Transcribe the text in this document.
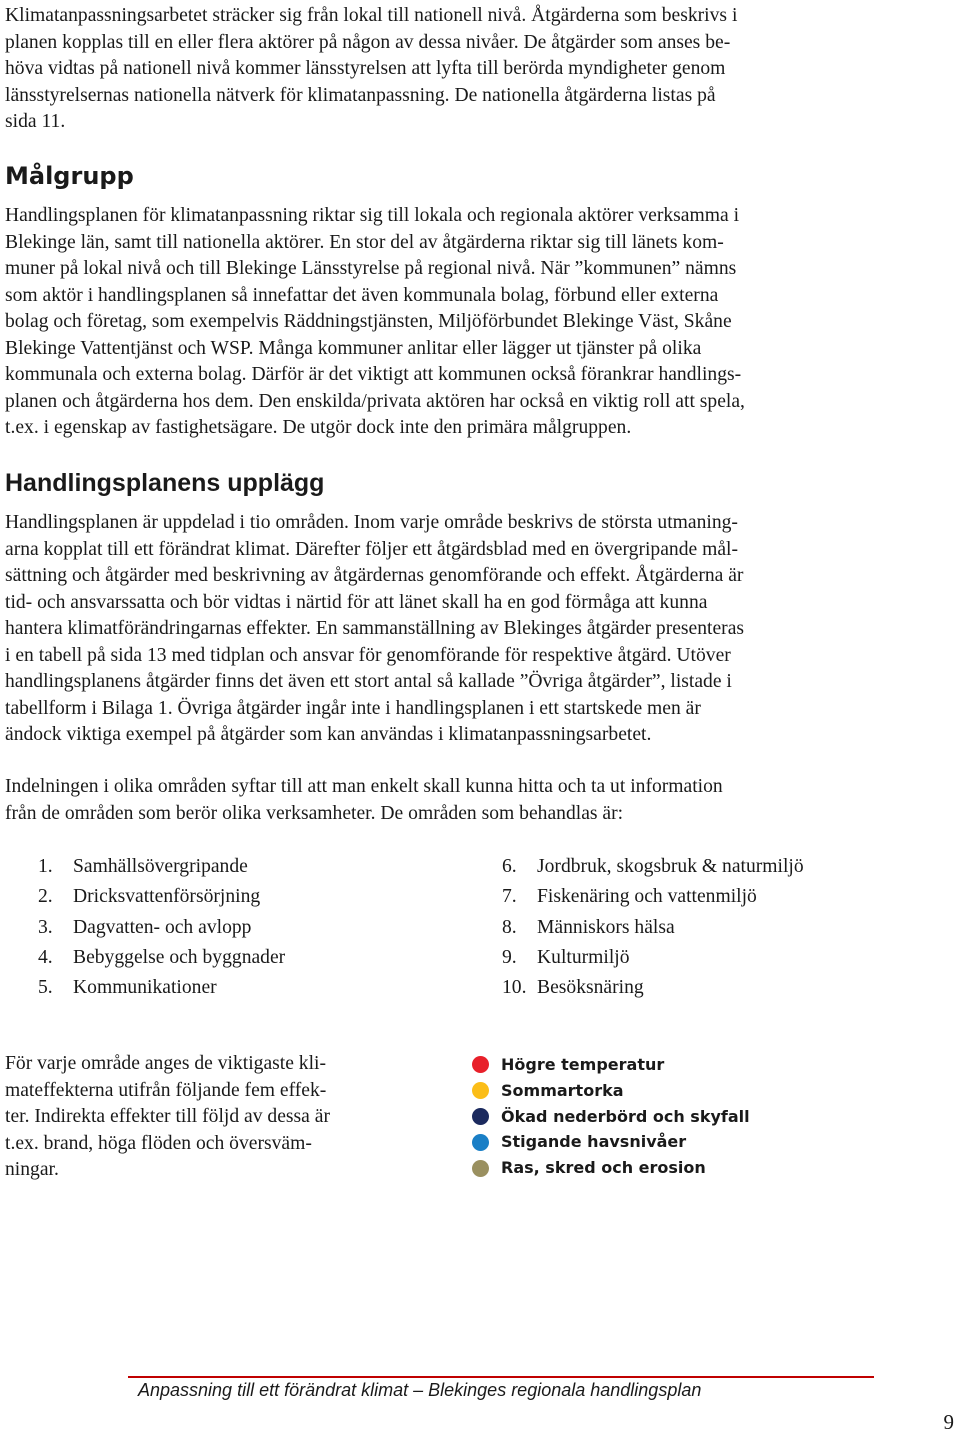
Klimatanpassningsarbetet sträcker sig från lokal till nationell nivå. Åtgärderna som beskrivs i

planen kopplas till en eller flera aktörer på någon av dessa nivåer. De åtgärder som anses be-

höva vidtas på nationell nivå kommer länsstyrelsen att lyfta till berörda myndigheter genom

länsstyrelsernas nationella nätverk för klimatanpassning. De nationella åtgärderna listas på

sida 11.

Målgrupp

Handlingsplanen för klimatanpassning riktar sig till lokala och regionala aktörer verksamma i

Blekinge län, samt till nationella aktörer. En stor del av åtgärderna riktar sig till länets kom-

muner på lokal nivå och till Blekinge Länsstyrelse på regional nivå. När ”kommunen” nämns

som aktör i handlingsplanen så innefattar det även kommunala bolag, förbund eller externa

bolag och företag, som exempelvis Räddningstjänsten, Miljöförbundet Blekinge Väst, Skåne

Blekinge Vattentjänst och WSP. Många kommuner anlitar eller lägger ut tjänster på olika

kommunala och externa bolag. Därför är det viktigt att kommunen också förankrar handlings-

planen och åtgärderna hos dem. Den enskilda/privata aktören har också en viktig roll att spela,

t.ex. i egenskap av fastighetsägare. De utgör dock inte den primära målgruppen.

Handlingsplanens upplägg

Handlingsplanen är uppdelad i tio områden. Inom varje område beskrivs de största utmaning-

arna kopplat till ett förändrat klimat. Därefter följer ett åtgärdsblad med en övergripande mål-

sättning och åtgärder med beskrivning av åtgärdernas genomförande och effekt. Åtgärderna är

tid- och ansvarssatta och bör vidtas i närtid för att länet skall ha en god förmåga att kunna

hantera klimatförändringarnas effekter. En sammanställning av Blekinges åtgärder presenteras

i en tabell på sida 13 med tidplan och ansvar för genomförande för respektive åtgärd. Utöver

handlingsplanens åtgärder finns det även ett stort antal så kallade ”Övriga åtgärder”, listade i

tabellform i Bilaga 1. Övriga åtgärder ingår inte i handlingsplanen i ett startskede men är

ändock viktiga exempel på åtgärder som kan användas i klimatanpassningsarbetet.

Indelningen i olika områden syftar till att man enkelt skall kunna hitta och ta ut information

från de områden som berör olika verksamheter. De områden som behandlas är:

1. Samhällsövergripande
2. Dricksvattenförsörjning
3. Dagvatten- och avlopp
4. Bebyggelse och byggnader
5. Kommunikationer
6. Jordbruk, skogsbruk & naturmiljö
7. Fiskenäring och vattenmiljö
8. Människors hälsa
9. Kulturmiljö
10. Besöksnäring

För varje område anges de viktigaste kli-

mateffekterna utifrån följande fem effek-

ter. Indirekta effekter till följd av dessa är

t.ex. brand, höga flöden och översväm-

ningar.

Högre temperatur
Sommartorka
Ökad nederbörd och skyfall
Stigande havsnivåer
Ras, skred och erosion
Anpassning till ett förändrat klimat – Blekinges regionala handlingsplan
9
